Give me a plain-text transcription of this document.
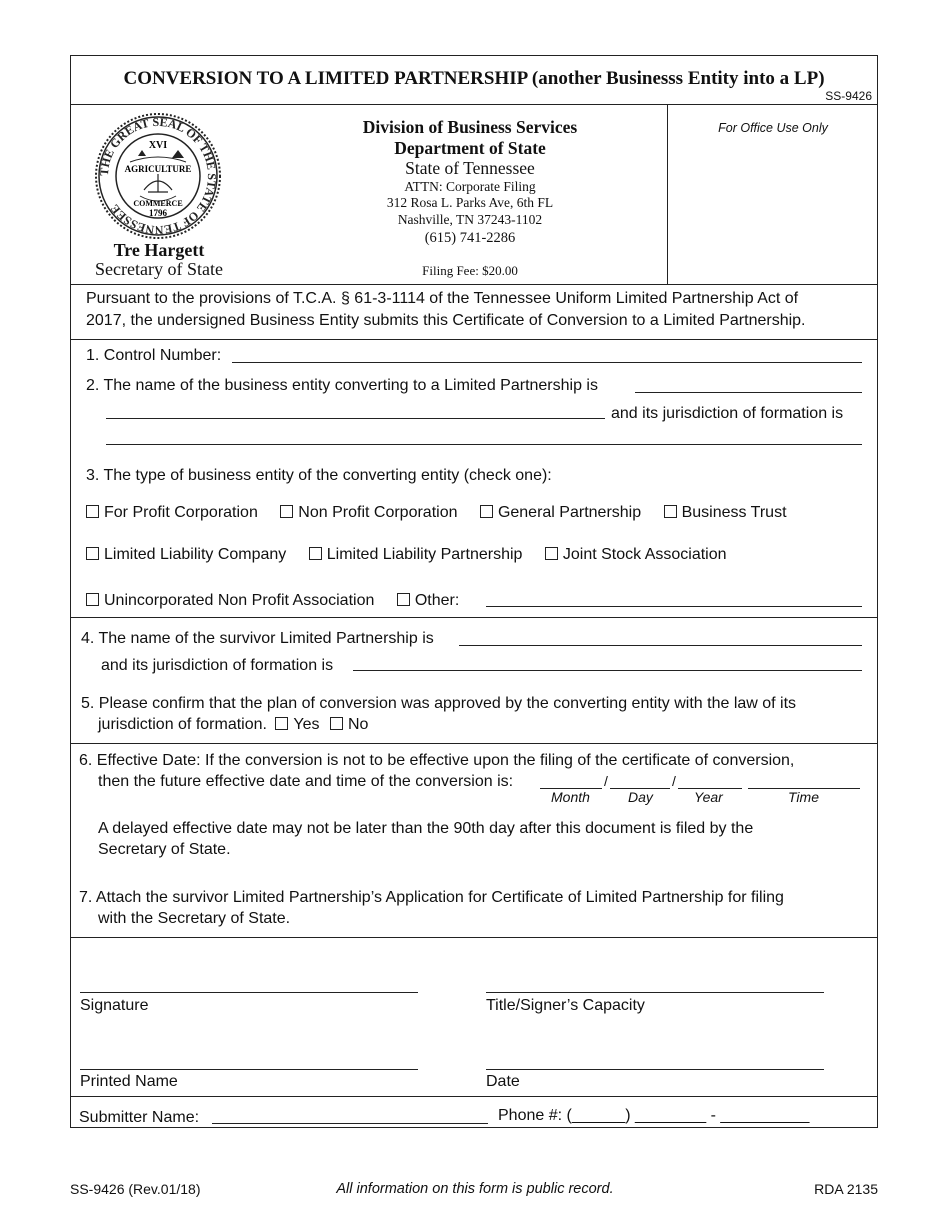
CONVERSION TO A LIMITED PARTNERSHIP (another Businesss Entity into a LP)
SS-9426
THE GREAT SEAL OF THE STATE OF TENNESSEE
XVI
AGRICULTURE
COMMERCE
1796
Tre Hargett
Secretary of State
Division of Business Services
Department of State
State of Tennessee
ATTN: Corporate Filing
312 Rosa L. Parks Ave, 6th FL
Nashville, TN 37243-1102
(615) 741-2286
Filing Fee: $20.00
For Office Use Only
Pursuant to the provisions of T.C.A. § 61-3-1114 of the Tennessee Uniform Limited Partnership Act of
2017, the undersigned Business Entity submits this Certificate of Conversion to a Limited Partnership.
1. Control Number:
2. The name of the business entity converting to a Limited Partnership is
and its jurisdiction of formation is
3. The type of business entity of the converting entity (check one):
For Profit Corporation	Non Profit Corporation	General Partnership	Business Trust
Limited Liability Company	Limited Liability Partnership	Joint Stock Association
Unincorporated Non Profit Association	Other:
4. The name of the survivor Limited Partnership is
and its jurisdiction of formation is
5. Please confirm that the plan of conversion was approved by the converting entity with the law of its
jurisdiction of formation. Yes No
6. Effective Date: If the conversion is not to be effective upon the filing of the certificate of conversion,
then the future effective date and time of the conversion is:	/	/
Month	Day	Year	Time
A delayed effective date may not be later than the 90th day after this document is filed by the
Secretary of State.
7. Attach the survivor Limited Partnership’s Application for Certificate of Limited Partnership for filing
with the Secretary of State.
Signature	Title/Signer’s Capacity
Printed Name	Date
Submitter Name:	Phone #: (______) ________ - __________
SS-9426 (Rev.01/18)	All information on this form is public record.	RDA 2135
